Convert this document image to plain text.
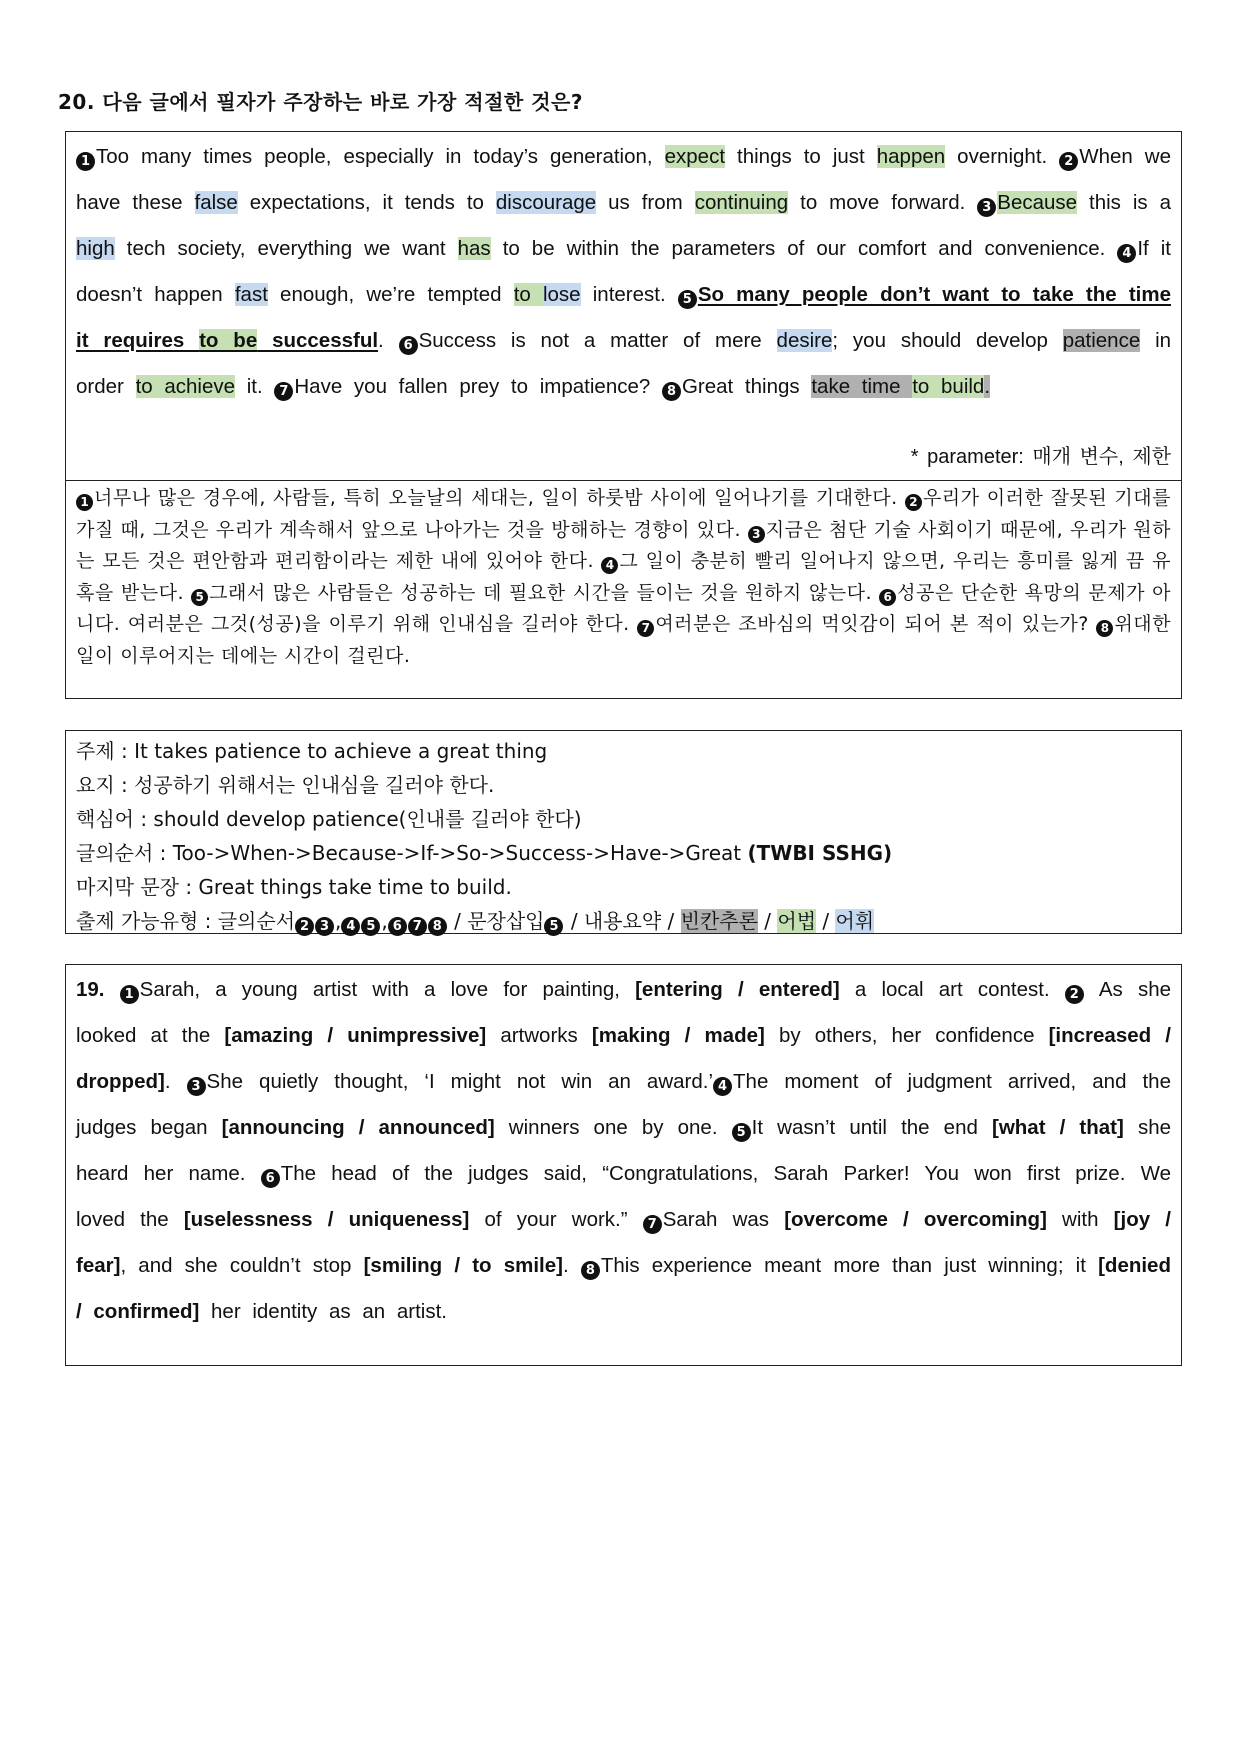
20. 다음 글에서 필자가 주장하는 바로 가장 적절한 것은?
1 Too many times people, especially in today’s generation, expect things to just happen overnight. 2 When we have these false expectations, it tends to discourage us from continuing to move forward. 3 Because this is a high tech society, everything we want has to be within the parameters of our comfort and convenience. 4 If it doesn’t happen fast enough, we’re tempted to lose interest. 5 So many people don’t want to take the time it requires to be successful. 6 Success is not a matter of mere desire; you should develop patience in order to achieve it. 7 Have you fallen prey to impatience? 8 Great things take time to build.
* parameter: 매개 변수, 제한
1 너무나 많은 경우에, 사람들, 특히 오늘날의 세대는, 일이 하룻밤 사이에 일어나기를 기대한다. 2 우리가 이러한 잘못된 기대를 가질 때, 그것은 우리가 계속해서 앞으로 나아가는 것을 방해하는 경향이 있다. 3 지금은 첨단 기술 사회이기 때문에, 우리가 원하는 모든 것은 편안함과 편리함이라는 제한 내에 있어야 한다. 4 그 일이 충분히 빨리 일어나지 않으면, 우리는 흥미를 잃게 끔 유혹을 받는다. 5 그래서 많은 사람들은 성공하는 데 필요한 시간을 들이는 것을 원하지 않는다. 6 성공은 단순한 욕망의 문제가 아니다. 여러분은 그것(성공)을 이루기 위해 인내심을 길러야 한다. 7 여러분은 조바심의 먹잇감이 되어 본 적이 있는가? 8 위대한 일이 이루어지는 데에는 시간이 걸린다.
주제 : It takes patience to achieve a great thing
요지 : 성공하기 위해서는 인내심을 길러야 한다.
핵심어 : should develop patience(인내를 길러야 한다)
글의순서 : Too->When->Because->If->So->Success->Have->Great (TWBI SSHG)
마지막 문장 : Great things take time to build.
출제 가능유형 : 글의순서 2 3 , 4 5 , 6 7 8 / 문장삽입 5 / 내용요약 / 빈칸추론 / 어법 / 어휘
19. 1 Sarah, a young artist with a love for painting, [entering / entered] a local art contest. 2 As she looked at the [amazing / unimpressive] artworks [making / made] by others, her confidence [increased / dropped]. 3 She quietly thought, ‘I might not win an award.’ 4 The moment of judgment arrived, and the judges began [announcing / announced] winners one by one. 5 It wasn’t until the end [what / that] she heard her name. 6 The head of the judges said, “Congratulations, Sarah Parker! You won first prize. We loved the [uselessness / uniqueness] of your work.” 7 Sarah was [overcome / overcoming] with [joy / fear], and she couldn’t stop [smiling / to smile]. 8 This experience meant more than just winning; it [denied / confirmed] her identity as an artist.
